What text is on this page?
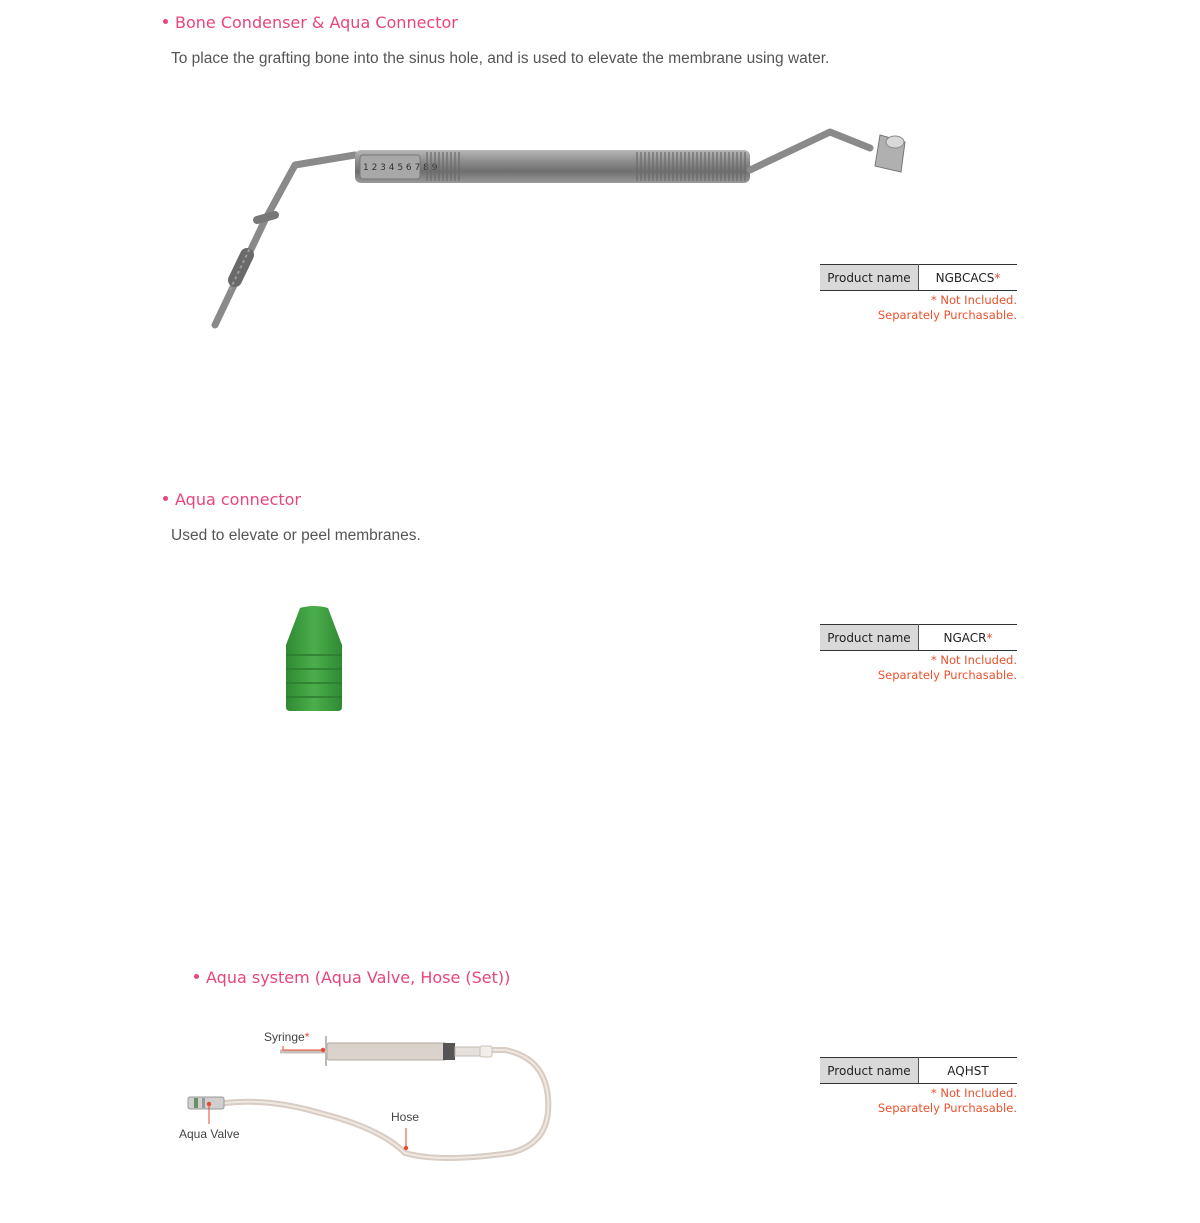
Bone Condenser & Aqua Connector
To place the grafting bone into the sinus hole, and is used to elevate the membrane using water.
1 2 3 4 5 6 7 8 9
Product name	NGBCACS*
* Not Included.
Separately Purchasable.
Aqua connector
Used to elevate or peel membranes.
Product name	NGACR*
* Not Included.
Separately Purchasable.
Aqua system (Aqua Valve, Hose (Set))
Syringe*
Hose
Aqua Valve
Product name	AQHST
* Not Included.
Separately Purchasable.
